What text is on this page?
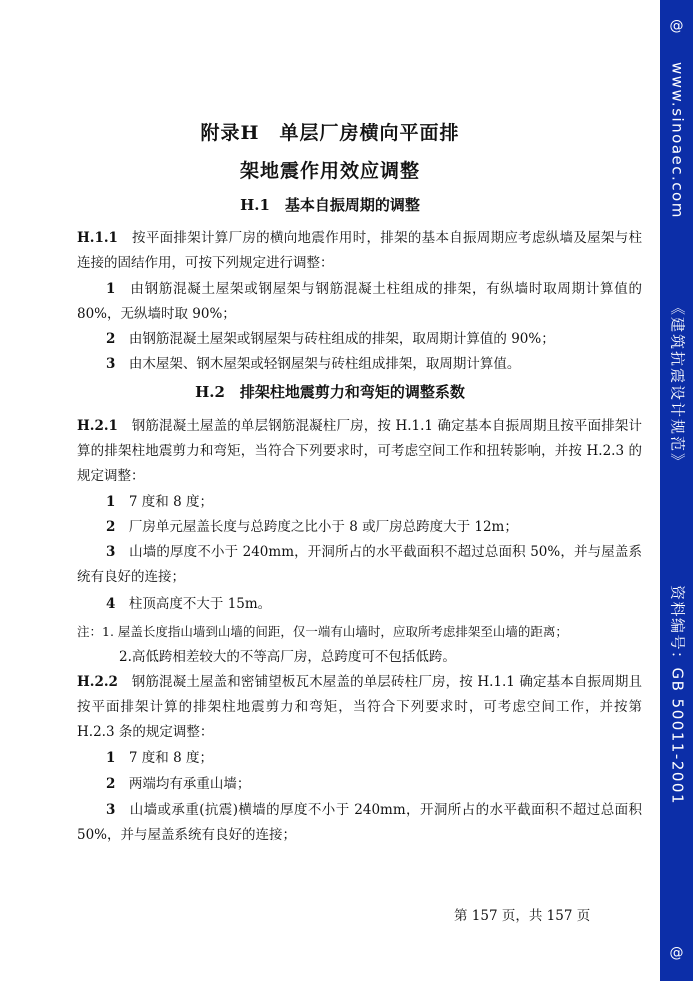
附录H　单层厂房横向平面排
架地震作用效应调整
H.1　基本自振周期的调整

H.1.1　 按平面排架计算厂房的横向地震作用时，排架的基本自振周期应考虑纵墙及屋架与柱连接的固结作用，可按下列规定进行调整：

1　 由钢筋混凝土屋架或钢屋架与钢筋混凝土柱组成的排架，有纵墙时取周期计算值的 80%，无纵墙时取 90%；

2　 由钢筋混凝土屋架或钢屋架与砖柱组成的排架，取周期计算值的 90%；

3　 由木屋架、钢木屋架或轻钢屋架与砖柱组成排架，取周期计算值。

H.2　排架柱地震剪力和弯矩的调整系数

H.2.1　 钢筋混凝土屋盖的单层钢筋混凝柱厂房，按 H.1.1 确定基本自振周期且按平面排架计算的排架柱地震剪力和弯矩，当符合下列要求时，可考虑空间工作和扭转影响，并按 H.2.3 的规定调整：

1　 7 度和 8 度；

2　 厂房单元屋盖长度与总跨度之比小于 8 或厂房总跨度大于 12m；

3　 山墙的厚度不小于 240mm，开洞所占的水平截面积不超过总面积 50%，并与屋盖系统有良好的连接；

4　 柱顶高度不大于 15m。

注：1. 屋盖长度指山墙到山墙的间距，仅一端有山墙时，应取所考虑排架至山墙的距离；

2.高低跨相差较大的不等高厂房，总跨度可不包括低跨。

H.2.2　 钢筋混凝土屋盖和密铺望板瓦木屋盖的单层砖柱厂房，按 H.1.1 确定基本自振周期且按平面排架计算的排架柱地震剪力和弯矩，当符合下列要求时，可考虑空间工作，并按第 H.2.3 条的规定调整：

1　 7 度和 8 度；

2　 两端均有承重山墙；

3　 山墙或承重(抗震)横墙的厚度不小于 240mm，开洞所占的水平截面积不超过总面积 50%，并与屋盖系统有良好的连接；

第 157 页，共 157 页
@
www.sinoaec.com
《建筑抗震设计规范》
资料编号：GB 50011-2001
@
